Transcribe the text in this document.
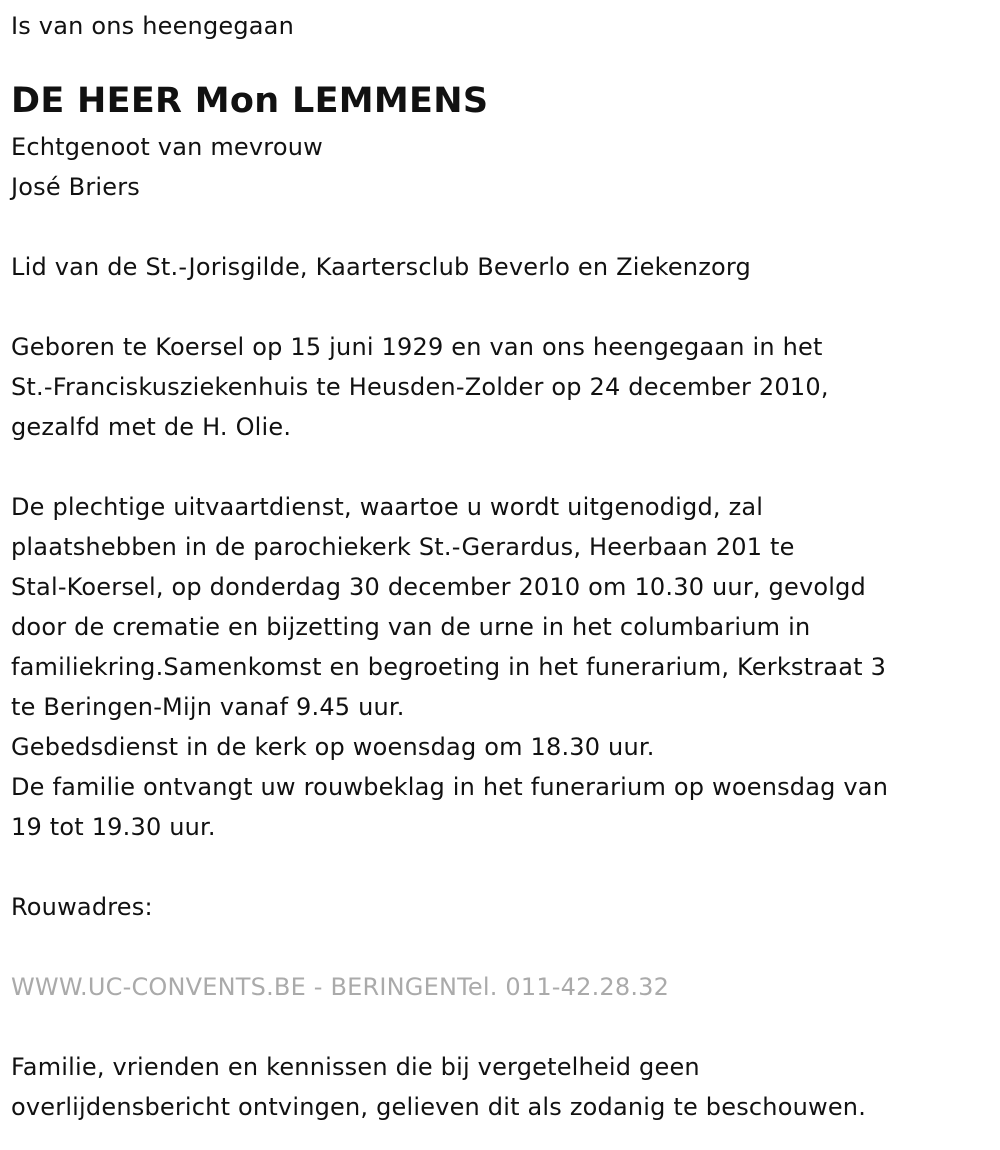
Is van ons heengegaan
DE HEER Mon LEMMENS
Echtgenoot van mevrouw
José Briers
Lid van de St.-Jorisgilde, Kaartersclub Beverlo en Ziekenzorg
Geboren te Koersel op 15 juni 1929 en van ons heengegaan in het
St.-Franciskusziekenhuis te Heusden-Zolder op 24 december 2010,
gezalfd met de H. Olie.
De plechtige uitvaartdienst, waartoe u wordt uitgenodigd, zal
plaatshebben in de parochiekerk St.-Gerardus, Heerbaan 201 te
Stal-Koersel, op donderdag 30 december 2010 om 10.30 uur, gevolgd
door de crematie en bijzetting van de urne in het columbarium in
familiekring.Samenkomst en begroeting in het funerarium, Kerkstraat 3
te Beringen-Mijn vanaf 9.45 uur.
Gebedsdienst in de kerk op woensdag om 18.30 uur.
De familie ontvangt uw rouwbeklag in het funerarium op woensdag van
19 tot 19.30 uur.
Rouwadres:
WWW.UC-CONVENTS.BE - BERINGENTel. 011-42.28.32
Familie, vrienden en kennissen die bij vergetelheid geen
overlijdensbericht ontvingen, gelieven dit als zodanig te beschouwen.
